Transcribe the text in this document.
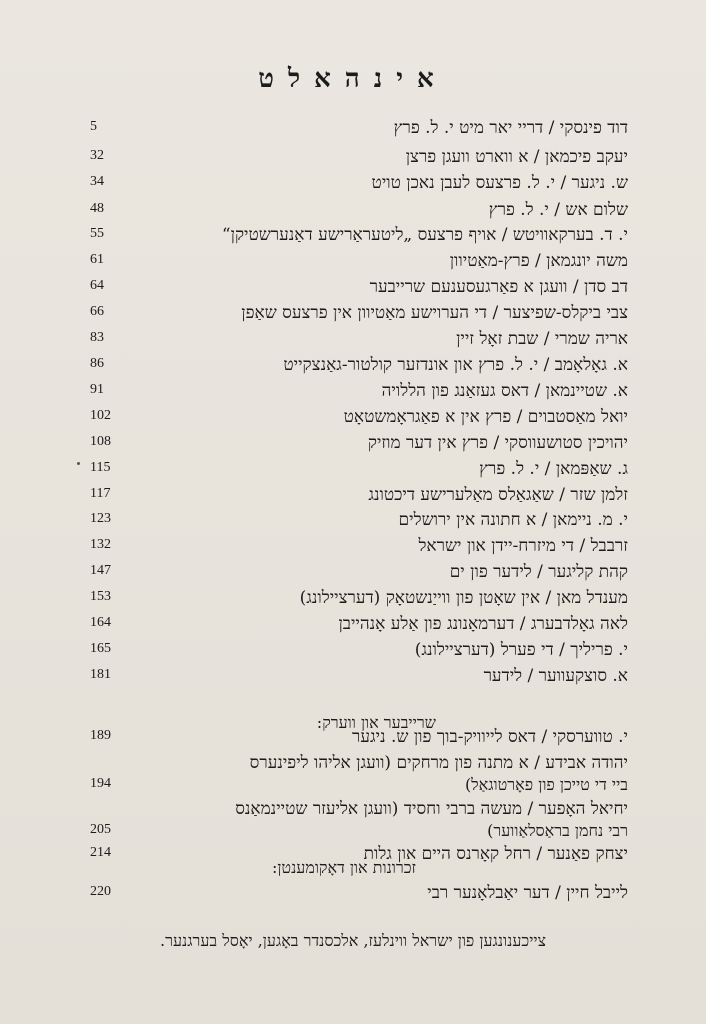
אינהאלט
דוד פינסקי / דריי יאר מיט י. ל. פרץ
5
יעקב פיכמאן / א ווארט וועגן פרצן
32
ש. ניגער / י. ל. פרצעס לעבן נאכן טויט
34
שלום אש / י. ל. פרץ
48
י. ד. בערקאוויטש / אויף פרצעס „ליטעראַרישע דאַנערשטיקן“
55
משה יונגמאן / פרץ-מאַטיוון
61
דב סדן / וועגן א פאַרגעסענעם שרייבער
64
צבי ביקלס-שפיצער / די הערוישע מאַטיוון אין פרצעס שאַפן
66
אריה שמרי / שבת זאָל זיין
83
א. גאָלאָמב / י. ל. פרץ און אונדזער קולטור-גאַנצקייט
86
א. שטיינמאן / דאס געזאַנג פון הללויה
91
יואל מאַסטבוים / פרץ אין א פאַגראָמשטאָט
102
יהויכין סטושעווסקי / פרץ אין דער מוזיק
108
ג. שאַפּמאן / י. ל. פרץ
115
זלמן שזר / שאַגאַלס מאַלערישע דיכטונג
117
י. מ. ניימאן / א חתונה אין ירושלים
123
זרבבל / די מיזרח-יידן און ישראל
132
קהת קליגער / לידער פון ים
147
מענדל מאן / אין שאָטן פון ווייַנשטאָק (דערציילונג)
153
לאה גאָלדבערג / דערמאָנונג פון אַלע אָנהייבן
164
י. פריליך / די פערל (דערציילונג)
165
א. סוצקעווער / לידער
181
י. טווערסקי / דאס לייוויק-בוך פון ש. ניגער
189
יהודה אבידע / א מתנה פון מרחקים (וועגן אליהו ליפינערס
ביי די טייכן פון פאָרטוגאַל)
194
יחיאל האָפער / מעשה ברבי וחסיד (וועגן אליעזר שטיינמאַנס
רבי נחמן בראַסלאַווער)
205
יצחק פאַנער / רחל קאָרנס היים און גלות
214
לייבל חיין / דער יאַבלאָנער רבי
220
שרייבער און ווערק:
זכרונות און דאָקומענטן:
צייכענונגען פון ישראל ווינלעז, אלכסנדר באָגען, יאָסל בערגנער.
